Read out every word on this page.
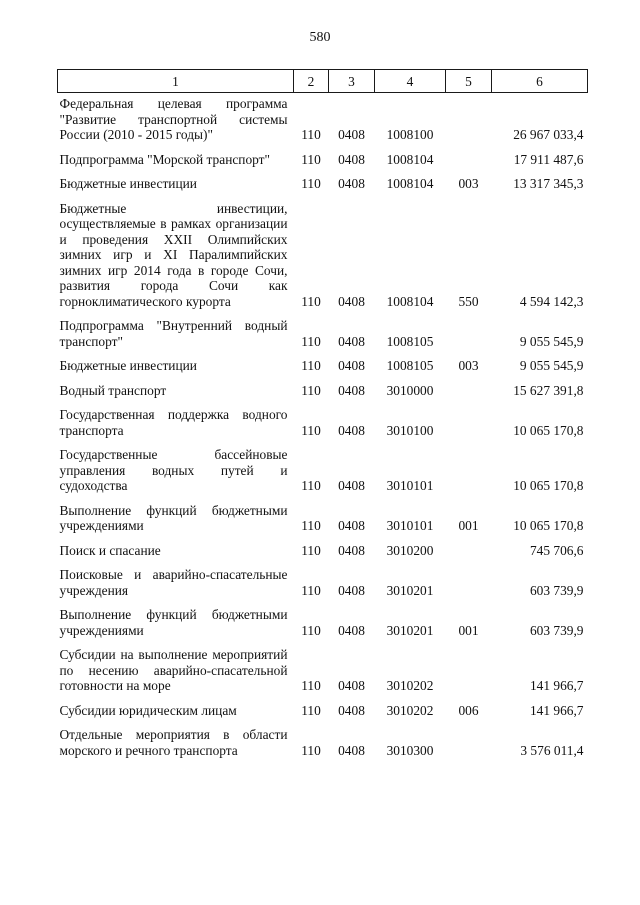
580
1	2	3	4	5	6
Федеральная целевая программа "Развитие транспортной системы России (2010 - 2015 годы)"	110	0408	1008100		26 967 033,4
Подпрограмма "Морской транспорт"	110	0408	1008104		17 911 487,6
Бюджетные инвестиции	110	0408	1008104	003	13 317 345,3
Бюджетные инвестиции, осуществляемые в рамках организации и проведения XXII Олимпийских зимних игр и XI Паралимпийских зимних игр 2014 года в городе Сочи, развития города Сочи как горноклиматического курорта	110	0408	1008104	550	4 594 142,3
Подпрограмма "Внутренний водный транспорт"	110	0408	1008105		9 055 545,9
Бюджетные инвестиции	110	0408	1008105	003	9 055 545,9
Водный транспорт	110	0408	3010000		15 627 391,8
Государственная поддержка водного транспорта	110	0408	3010100		10 065 170,8
Государственные бассейновые управления водных путей и судоходства	110	0408	3010101		10 065 170,8
Выполнение функций бюджетными учреждениями	110	0408	3010101	001	10 065 170,8
Поиск и спасание	110	0408	3010200		745 706,6
Поисковые и аварийно-спасательные учреждения	110	0408	3010201		603 739,9
Выполнение функций бюджетными учреждениями	110	0408	3010201	001	603 739,9
Субсидии на выполнение мероприятий по несению аварийно-спасательной готовности на море	110	0408	3010202		141 966,7
Субсидии юридическим лицам	110	0408	3010202	006	141 966,7
Отдельные мероприятия в области морского и речного транспорта	110	0408	3010300		3 576 011,4
